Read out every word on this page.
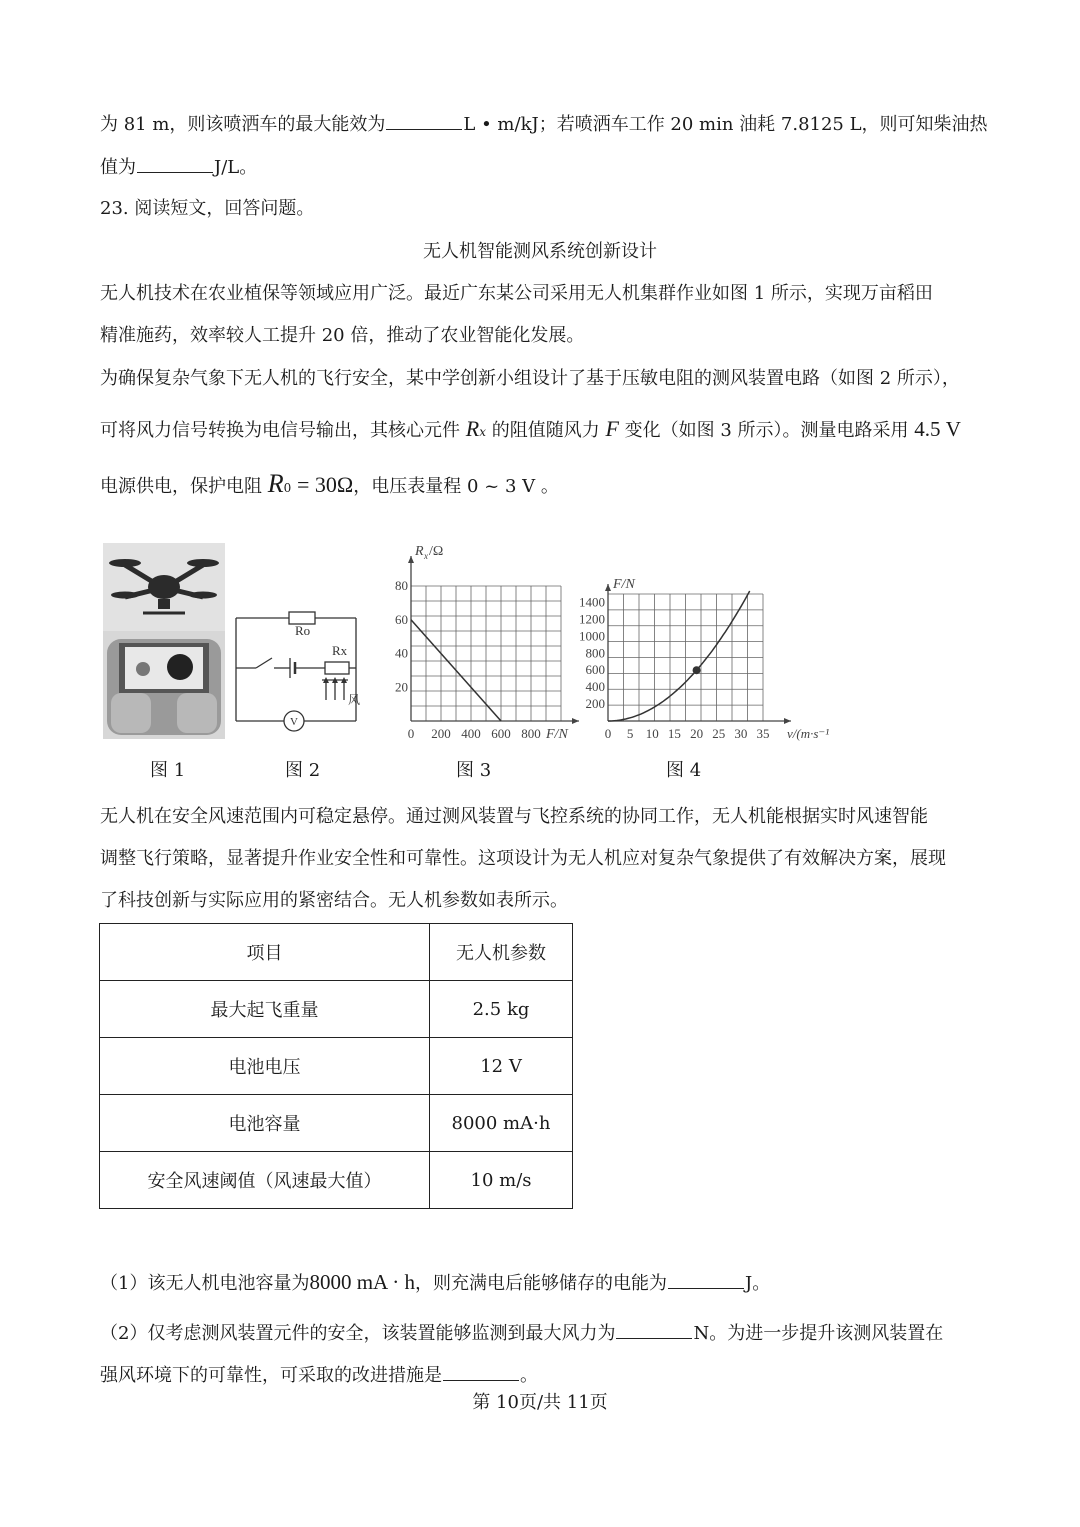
为 81 m，则该喷洒车的最大能效为	L • m/kJ；若喷洒车工作 20 min 油耗 7.8125 L，则可知柴油热
值为	J/L。
23. 阅读短文，回答问题。
无人机智能测风系统创新设计
无人机技术在农业植保等领域应用广泛。最近广东某公司采用无人机集群作业如图 1 所示，实现万亩稻田
精准施药，效率较人工提升 20 倍，推动了农业智能化发展。
为确保复杂气象下无人机的飞行安全，某中学创新小组设计了基于压敏电阻的测风装置电路（如图 2 所示），
可将风力信号转换为电信号输出，其核心元件 Rx 的阻值随风力 F 变化（如图 3 所示）。测量电路采用 4.5 V
电源供电，保护电阻 R0 = 30Ω，电压表量程 0 ~ 3 V 。
Ro
Rx
风
V
0 200 400 600 800
20
40
60
80
R x /Ω
F/N	0 5 10 15 20 25 30 35
200
400
600
800
1000
1200
1400
F/N
v/(m·s⁻¹
图 1	图 2	图 3	图 4
无人机在安全风速范围内可稳定悬停。通过测风装置与飞控系统的协同工作，无人机能根据实时风速智能
调整飞行策略，显著提升作业安全性和可靠性。这项设计为无人机应对复杂气象提供了有效解决方案，展现
了科技创新与实际应用的紧密结合。无人机参数如表所示。
项目	无人机参数
最大起飞重量	2.5 kg
电池电压	12 V
电池容量	8000 mA·h
安全风速阈值（风速最大值）	10 m/s
（1）该无人机电池容量为8000 mA · h，则充满电后能够储存的电能为	J。
（2）仅考虑测风装置元件的安全，该装置能够监测到最大风力为	N。为进一步提升该测风装置在
强风环境下的可靠性，可采取的改进措施是	。
第 10页/共 11页
